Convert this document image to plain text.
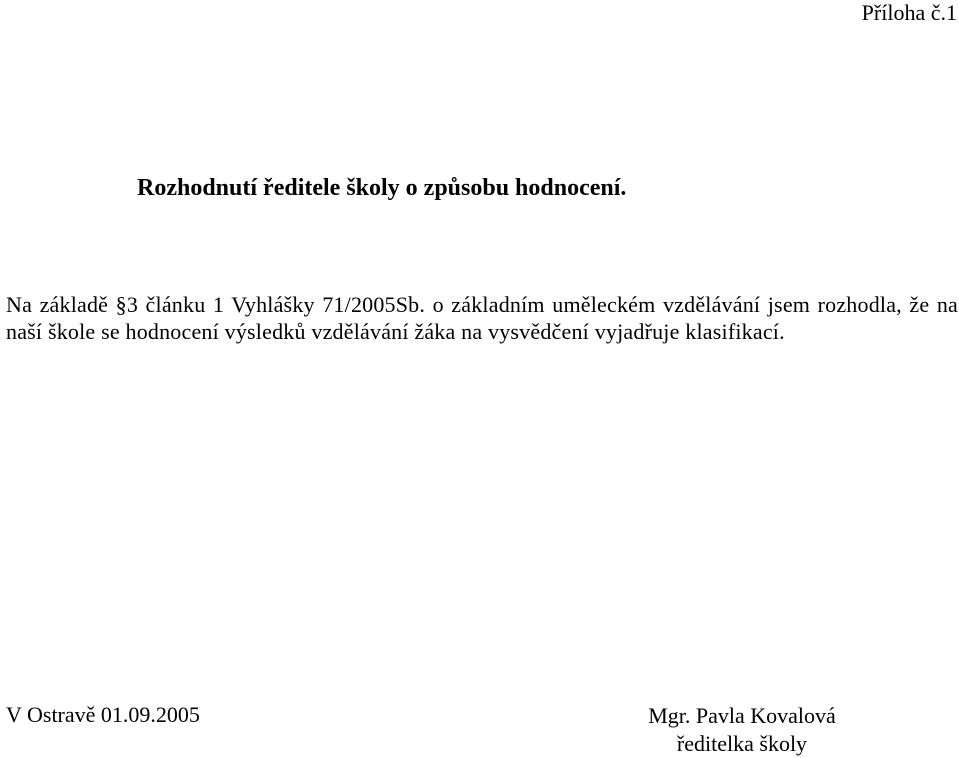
Příloha č.1
Rozhodnutí ředitele školy o způsobu hodnocení.

Na základě §3 článku 1 Vyhlášky 71/2005Sb. o základním uměleckém vzdělávání jsem rozhodla, že na naší škole se hodnocení výsledků vzdělávání žáka na vysvědčení vyjadřuje klasifikací.

V Ostravě 01.09.2005	Mgr. Pavla Kovalová
ředitelka školy
